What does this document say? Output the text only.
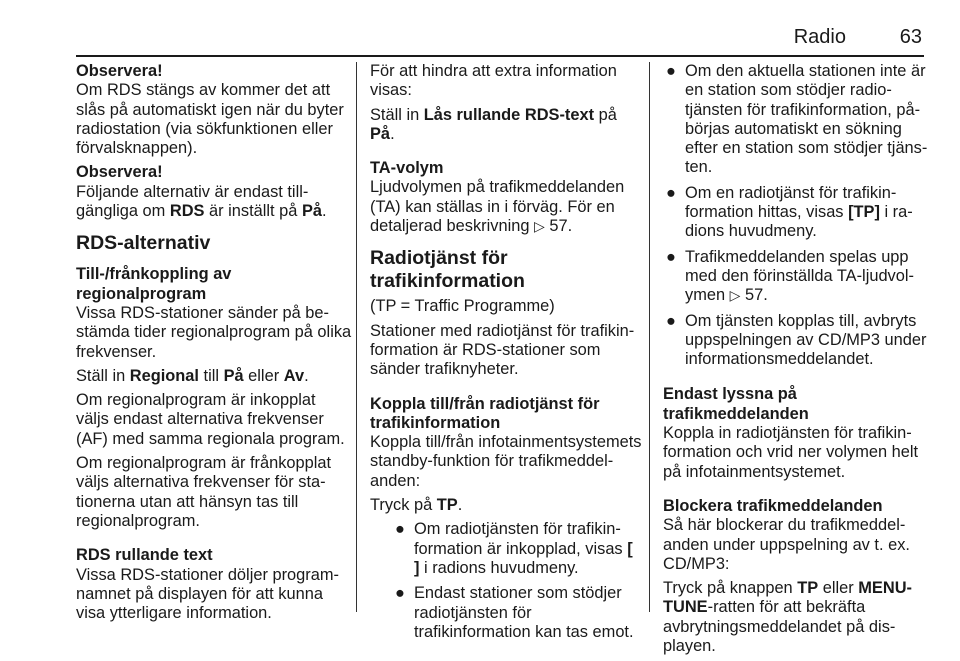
Radio	63

Observera!
Om RDS stängs av kommer det att slås på automatiskt igen när du byter radiostation (via sökfunktionen eller förvalsknappen).

Observera!
Följande alternativ är endast tillgängliga om RDS är inställt på På.

RDS-alternativ
Till-/frånkoppling av regionalprogram

Vissa RDS-stationer sänder på bestämda tider regionalprogram på olika frekvenser.

Ställ in Regional till På eller Av.

Om regionalprogram är inkopplat väljs endast alternativa frekvenser (AF) med samma regionala program.

Om regionalprogram är frånkopplat väljs alternativa frekvenser för stationerna utan att hänsyn tas till regionalprogram.

RDS rullande text

Vissa RDS-stationer döljer programnamnet på displayen för att kunna visa ytterligare information.

För att hindra att extra information visas:

Ställ in Lås rullande RDS-text på På.

TA-volym

Ljudvolymen på trafikmeddelanden (TA) kan ställas in i förväg. För en detaljerad beskrivning ▷ 57.

Radiotjänst för trafikinformation

(TP = Traffic Programme)

Stationer med radiotjänst för trafikinformation är RDS-stationer som sänder trafiknyheter.

Koppla till/från radiotjänst för trafikinformation

Koppla till/från infotainmentsystemets standby-funktion för trafikmeddelanden:

Tryck på TP.

● Om radiotjänsten för trafikinformation är inkopplad, visas [ ] i radions huvudmeny.
● Endast stationer som stödjer radiotjänsten för trafikinformation kan tas emot.
● Om den aktuella stationen inte är en station som stödjer radiotjänsten för trafikinformation, påbörjas automatiskt en sökning efter en station som stödjer tjänsten.
● Om en radiotjänst för trafikinformation hittas, visas [TP] i radions huvudmeny.
● Trafikmeddelanden spelas upp med den förinställda TA-ljudvolymen ▷ 57.
● Om tjänsten kopplas till, avbryts uppspelningen av CD/MP3 under informationsmeddelandet.
Endast lyssna på trafikmeddelanden

Koppla in radiotjänsten för trafikinformation och vrid ner volymen helt på infotainmentsystemet.

Blockera trafikmeddelanden

Så här blockerar du trafikmeddelanden under uppspelning av t. ex. CD/MP3:

Tryck på knappen TP eller MENU-TUNE-ratten för att bekräfta avbrytningsmeddelandet på displayen.
